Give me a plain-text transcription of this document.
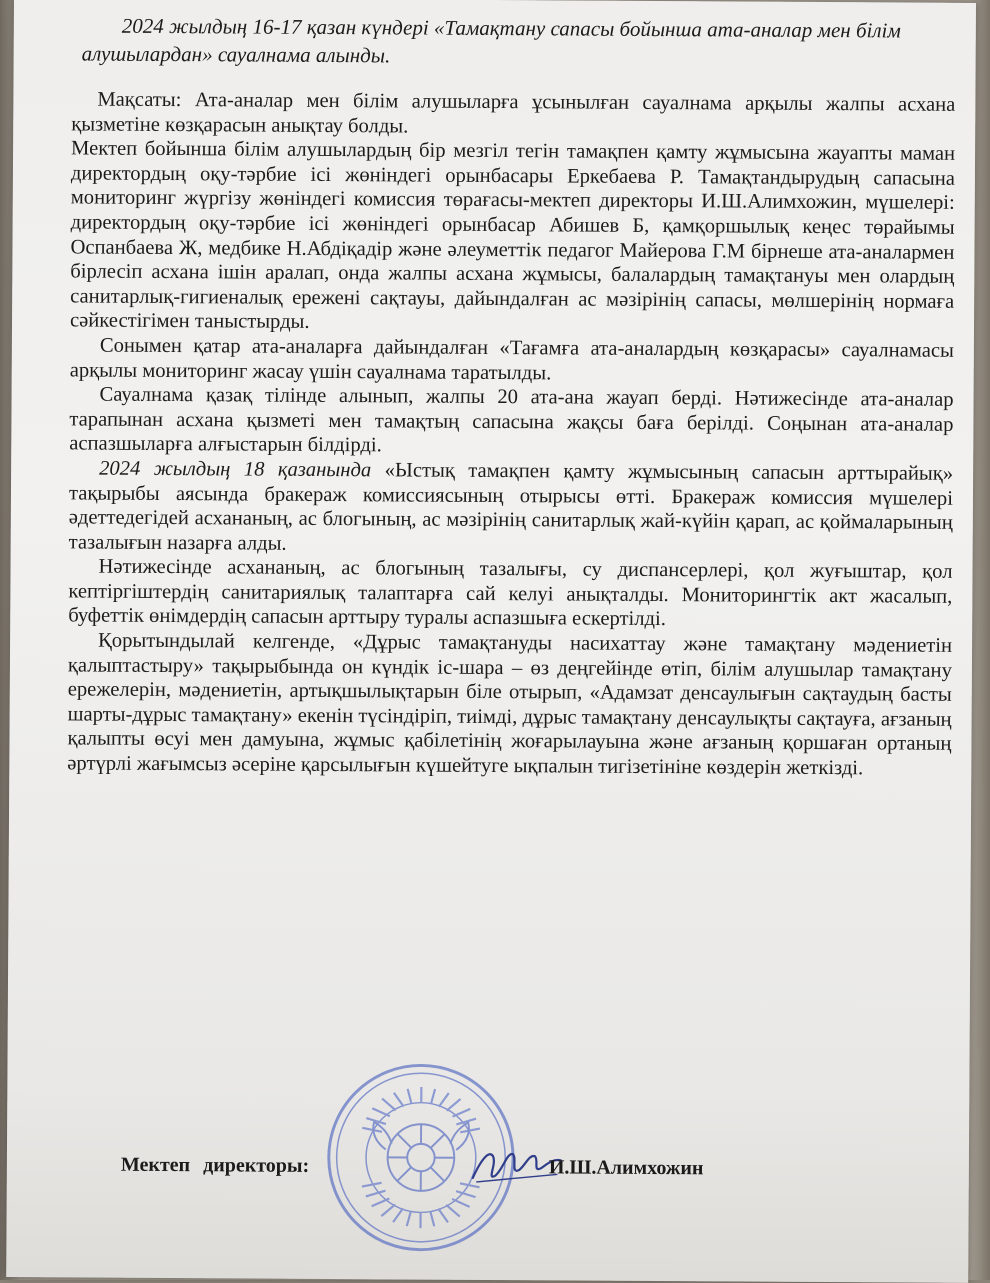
2024 жылдың 16-17 қазан күндері «Тамақтану сапасы бойынша ата-аналар мен білім алушылардан» сауалнама алынды.

Мақсаты: Ата-аналар мен білім алушыларға ұсынылған сауалнама арқылы жалпы асхана қызметіне көзқарасын анықтау болды.

Мектеп бойынша білім алушылардың бір мезгіл тегін тамақпен қамту жұмысына жауапты маман директордың оқу-тәрбие ісі жөніндегі орынбасары Еркебаева Р. Тамақтандырудың сапасына мониторинг жүргізу жөніндегі комиссия төрағасы-мектеп директоры И.Ш.Алимхожин, мүшелері: директордың оқу-тәрбие ісі жөніндегі орынбасар Абишев Б, қамқоршылық кеңес төрайымы Оспанбаева Ж, медбике Н.Абдіқадір және әлеуметтік педагог Майерова Г.М бірнеше ата-аналармен бірлесіп асхана ішін аралап, онда жалпы асхана жұмысы, балалардың тамақтануы мен олардың санитарлық-гигиеналық ережені сақтауы, дайындалған ас мәзірінің сапасы, мөлшерінің нормаға сәйкестігімен таныстырды.

Сонымен қатар ата-аналарға дайындалған «Тағамға ата-аналардың көзқарасы» сауалнамасы арқылы мониторинг жасау үшін сауалнама таратылды.

Сауалнама қазақ тілінде алынып, жалпы 20 ата-ана жауап берді. Нәтижесінде ата-аналар тарапынан асхана қызметі мен тамақтың сапасына жақсы баға берілді. Соңынан ата-аналар аспазшыларға алғыстарын білдірді.

2024 жылдың 18 қазанында «Ыстық тамақпен қамту жұмысының сапасын арттырайық» тақырыбы аясында бракераж комиссиясының отырысы өтті. Бракераж комиссия мүшелері әдеттедегідей асхананың, ас блогының, ас мәзірінің санитарлық жай-күйін қарап, ас қоймаларының тазалығын назарға алды.

Нәтижесінде асхананың, ас блогының тазалығы, су диспансерлері, қол жуғыштар, қол кептіргіштердің санитариялық талаптарға сай келуі анықталды. Мониторингтік акт жасалып, буфеттік өнімдердің сапасын арттыру туралы аспазшыға ескертілді.

Қорытындылай келгенде, «Дұрыс тамақтануды насихаттау және тамақтану мәдениетін қалыптастыру» тақырыбында он күндік іс-шара – өз деңгейінде өтіп, білім алушылар тамақтану ережелерін, мәдениетін, артықшылықтарын біле отырып, «Адамзат денсаулығын сақтаудың басты шарты-дұрыс тамақтану» екенін түсіндіріп, тиімді, дұрыс тамақтану денсаулықты сақтауға, ағзаның қалыпты өсуі мен дамуына, жұмыс қабілетінің жоғарылауына және ағзаның қоршаған ортаның әртүрлі жағымсыз әсеріне қарсылығын күшейтуге ықпалын тигізетініне көздерін жеткізді.

Мектеп директоры:	И.Ш.Алимхожин
